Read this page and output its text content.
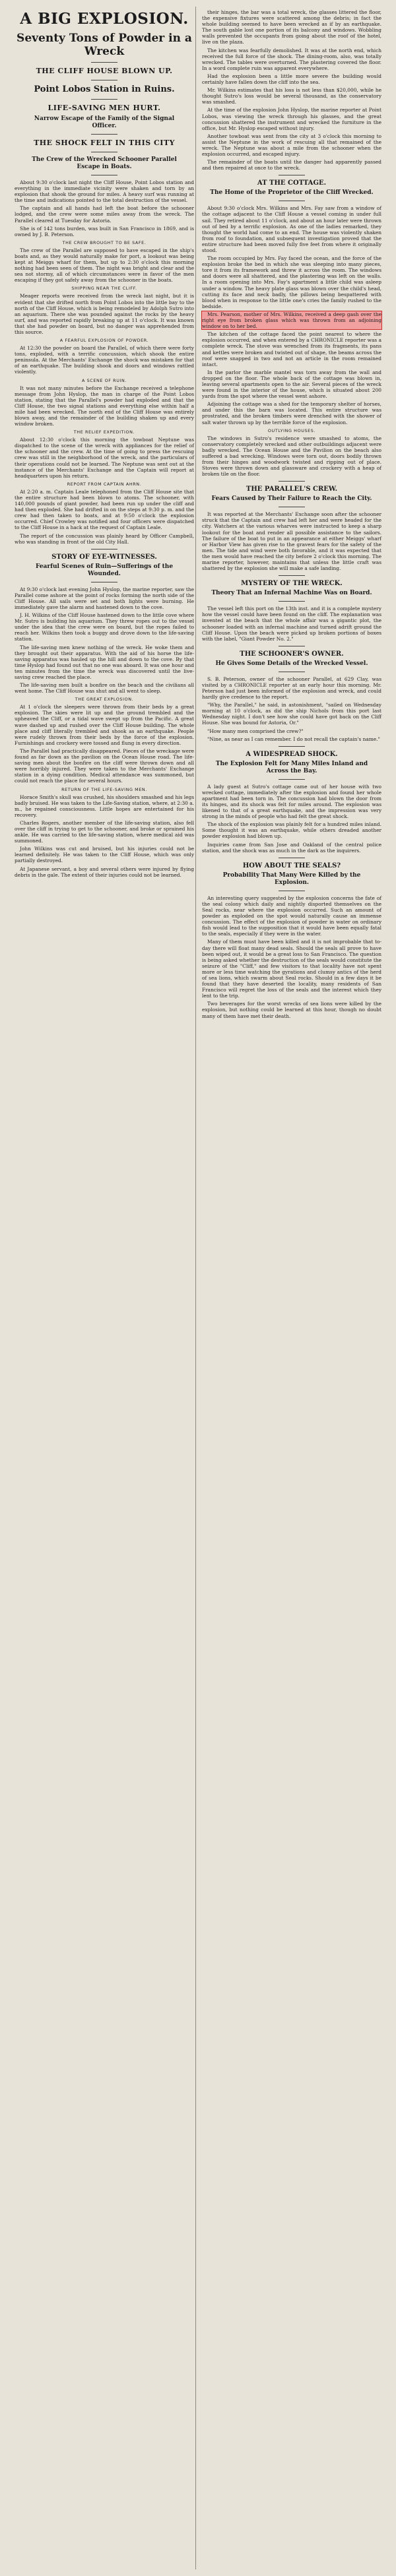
A BIG EXPLOSION.
Seventy Tons of Powder in a Wreck
THE CLIFF HOUSE BLOWN UP.
Point Lobos Station in Ruins.
LIFE-SAVING MEN HURT.
Narrow Escape of the Family of the Signal Officer.
THE SHOCK FELT IN THIS CITY
The Crew of the Wrecked Schooner Parallel Escape in Boats.

About 9:30 o'clock last night the Cliff House, Point Lobos station and everything in the immediate vicinity were shaken and torn by an explosion that shook the ground for miles. A heavy surf was running at the time and indications pointed to the total destruction of the vessel.

The captain and all hands had left the boat before the schooner lodged, and the crew were some miles away from the wreck. The Parallel cleared at Tuesday for Astoria.

She is of 142 tons burden, was built in San Francisco in 1869, and is owned by J. B. Peterson.

THE CREW BROUGHT TO BE SAFE.

The crew of the Parallel are supposed to have escaped in the ship's boats and, as they would naturally make for port, a lookout was being kept at Meiggs wharf for them, but up to 2:30 o'clock this morning nothing had been seen of them. The night was bright and clear and the sea not stormy, all of which circumstances were in favor of the men escaping if they got safely away from the schooner in the boats.

SHIPPING NEAR THE CLIFF.

Meager reports were received from the wreck last night, but it is evident that she drifted north from Point Lobos into the little bay to the north of the Cliff House, which is being remodeled by Adolph Sutro into an aquarium. There she was pounded against the rocks by the heavy surf, and was reported rapidly breaking up at 11 o'clock. It was known that she had powder on board, but no danger was apprehended from this source.

A FEARFUL EXPLOSION OF POWDER.

At 12:30 the powder on board the Parallel, of which there were forty tons, exploded, with a terrific concussion, which shook the entire peninsula. At the Merchants' Exchange the shock was mistaken for that of an earthquake. The building shook and doors and windows rattled violently.

A SCENE OF RUIN.

It was not many minutes before the Exchange received a telephone message from John Hyslop, the man in charge of the Point Lobos station, stating that the Parallel's powder had exploded and that the Cliff House, the two signal stations and everything else within half a mile had been wrecked. The north end of the Cliff House was entirely blown away, and the remainder of the building shaken up and every window broken.

THE RELIEF EXPEDITION.

About 12:30 o'clock this morning the towboat Neptune was dispatched to the scene of the wreck with appliances for the relief of the schooner and the crew. At the time of going to press the rescuing crew was still in the neighborhood of the wreck, and the particulars of their operations could not be learned. The Neptune was sent out at the instance of the Merchants' Exchange and the Captain will report at headquarters upon his return.

REPORT FROM CAPTAIN AHRN.

At 2:20 a. m. Captain Leale telephoned from the Cliff House site that the entire structure had been blown to atoms. The schooner, with 140,000 pounds of giant powder, had been run up under the cliff and had then exploded. She had drifted in on the steps at 9:30 p. m. and the crew had then taken to boats, and at 9:50 o'clock the explosion occurred. Chief Crowley was notified and four officers were dispatched to the Cliff House in a hack at the request of Captain Leale.

The report of the concussion was plainly heard by Officer Campbell, who was standing in front of the old City Hall.

STORY OF EYE-WITNESSES.
Fearful Scenes of Ruin—Sufferings of the Wounded.

At 9:30 o'clock last evening John Hyslop, the marine reporter, saw the Parallel come ashore at the point of rocks forming the north side of the Cliff House. All sails were set and both lights were burning. He immediately gave the alarm and hastened down to the cove.

J. H. Wilkins of the Cliff House hastened down to the little cove where Mr. Sutro is building his aquarium. They threw ropes out to the vessel under the idea that the crew were on board, but the ropes failed to reach her. Wilkins then took a buggy and drove down to the life-saving station.

The life-saving men knew nothing of the wreck. He woke them and they brought out their apparatus. With the aid of his horse the life-saving apparatus was hauled up the hill and down to the cove. By that time Hyslop had found out that no one was aboard. It was one hour and ten minutes from the time the wreck was discovered until the live-saving crew reached the place.

The life-saving men built a bonfire on the beach and the civilians all went home. The Cliff House was shut and all went to sleep.

THE GREAT EXPLOSION.

At 1 o'clock the sleepers were thrown from their beds by a great explosion. The skies were lit up and the ground trembled and the upheaved the Cliff, or a tidal wave swept up from the Pacific. A great wave dashed up and rushed over the Cliff House building. The whole place and cliff literally trembled and shook as an earthquake. People were rudely thrown from their beds by the force of the explosion. Furnishings and crockery were tossed and flung in every direction.

The Parallel had practically disappeared. Pieces of the wreckage were found as far down as the pavilion on the Ocean House road. The life-saving men about the bonfire on the cliff were thrown down and all were horribly injured. They were taken to the Merchants' Exchange station in a dying condition. Medical attendance was summoned, but could not reach the place for several hours.

RETURN OF THE LIFE-SAVING MEN.

Horace Smith's skull was crushed, his shoulders smashed and his legs badly bruised. He was taken to the Life-Saving station, where, at 2:30 a. m., he regained consciousness. Little hopes are entertained for his recovery.

Charles Rogers, another member of the life-saving station, also fell over the cliff in trying to get to the schooner, and broke or sprained his ankle. He was carried to the life-saving station, where medical aid was summoned.

John Wilkins was cut and bruised, but his injuries could not be learned definitely. He was taken to the Cliff House, which was only partially destroyed.

At Japanese servant, a boy and several others were injured by flying debris in the gale. The extent of their injuries could not be learned.

their hinges, the bar was a total wreck, the glasses littered the floor, the expensive fixtures were scattered among the debris; in fact the whole building seemed to have been wrecked as if by an earthquake. The south gable lost one portion of its balcony and windows. Wobbling walls prevented the occupants from going about the roof of the hotel, live on the plaza.

The kitchen was fearfully demolished. It was at the north end, which received the full force of the shock. The dining-room, also, was totally wrecked. The tables were overturned. The plastering covered the floor. In a word complete ruin was apparent everywhere.

Had the explosion been a little more severe the building would certainly have fallen down the cliff into the sea.

Mr. Wilkins estimates that his loss is not less than $20,000, while he thought Sutro's loss would be several thousand, as the conservatory was smashed.

At the time of the explosion John Hyslop, the marine reporter at Point Lobos, was viewing the wreck through his glasses, and the great concussion shattered the instrument and wrecked the furniture in the office, but Mr. Hyslop escaped without injury.

Another towboat was sent from the city at 3 o'clock this morning to assist the Neptune in the work of rescuing all that remained of the wreck. The Neptune was about a mile from the schooner when the explosion occurred, and escaped injury.

The remainder of the boats until the danger had apparently passed and then repaired at once to the wreck.

AT THE COTTAGE.
The Home of the Proprietor of the Cliff Wrecked.

About 9:30 o'clock Mrs. Wilkins and Mrs. Fay saw from a window of the cottage adjacent to the Cliff House a vessel coming in under full sail. They retired about 11 o'clock, and about an hour later were thrown out of bed by a terrific explosion. As one of the ladies remarked, they thought the world had come to an end. The house was violently shaken from roof to foundation, and subsequent investigation proved that the entire structure had been moved fully five feet from where it originally stood.

The room occupied by Mrs. Fay faced the ocean, and the force of the explosion broke the bed in which she was sleeping into many pieces, tore it from its framework and threw it across the room. The windows and doors were all shattered, and the plastering was left on the walls. In a room opening into Mrs. Fay's apartment a little child was asleep under a window. The heavy plate glass was blown over the child's head, cutting its face and neck badly, the pillows being bespattered with blood when in response to the little one's cries the family rushed to the bedside.

Mrs. Pearson, mother of Mrs. Wilkins, received a deep gash over the right eye from broken glass which was thrown from an adjoining window on to her bed.

The kitchen of the cottage faced the point nearest to where the explosion occurred, and when entered by a CHRONICLE reporter was a complete wreck. The stove was wrenched from its fragments, its pans and kettles were broken and twisted out of shape, the beams across the roof were snapped in two and not an article in the room remained intact.

In the parlor the marble mantel was torn away from the wall and dropped on the floor. The whole back of the cottage was blown in, leaving several apartments open to the air. Several pieces of the wreck were found in the interior of the house, which is situated about 200 yards from the spot where the vessel went ashore.

Adjoining the cottage was a shed for the temporary shelter of horses, and under this the barn was located. This entire structure was prostrated, and the broken timbers were drenched with the shower of salt water thrown up by the terrible force of the explosion.

OUTLYING HOUSES.

The windows in Sutro's residence were smashed to atoms, the conservatory completely wrecked and other outbuildings adjacent were badly wrecked. The Ocean House and the Pavilion on the beach also suffered a bad wrecking. Windows were torn out, doors bodily thrown from their hinges and woodwork twisted and ripping out of place. Stoves were thrown down and glassware and crockery with a heap of broken tile on the floor.

THE PARALLEL'S CREW.
Fears Caused by Their Failure to Reach the City.

It was reported at the Merchants' Exchange soon after the schooner struck that the Captain and crew had left her and were headed for the city. Watchers at the various wharves were instructed to keep a sharp lookout for the boat and render all possible assistance to the sailors. The failure of the boat to put in an appearance at either Meiggs' wharf or Harbor View has given rise to the gravest fears for the safety of the men. The tide and wind were both favorable, and it was expected that the men would have reached the city before 2 o'clock this morning. The marine reporter, however, maintains that unless the little craft was shattered by the explosion she will make a safe landing.

MYSTERY OF THE WRECK.
Theory That an Infernal Machine Was on Board.

The vessel left this port on the 13th inst. and it is a complete mystery how the vessel could have been found on the cliff. The explanation was invented at the beach that the whole affair was a gigantic plot, the schooner loaded with an infernal machine and turned adrift ground the Cliff House. Upon the beach were picked up broken portions of boxes with the label, "Giant Powder No. 2."

THE SCHOONER'S OWNER.
He Gives Some Details of the Wrecked Vessel.

S. B. Peterson, owner of the schooner Parallel, at 629 Clay, was visited by a CHRONICLE reporter at an early hour this morning. Mr. Peterson had just been informed of the explosion and wreck, and could hardly give credence to the report.

"Why, the Parallel," he said, in astonishment, "sailed on Wednesday morning at 10 o'clock, as did the ship Nichols from this port last Wednesday night. I don't see how she could have got back on the Cliff House. She was bound for Astoria, Or."

"How many men comprised the crew?"

"Nine, as near as I can remember. I do not recall the captain's name."

A WIDESPREAD SHOCK.
The Explosion Felt for Many Miles Inland and Across the Bay.

A lady guest at Sutro's cottage came out of her house with two wrecked cottage, immediately after the explosion and found her whole apartment had been torn in. The concussion had blown the door from its hinges, and its shock was felt for miles around. The explosion was likened to that of a great earthquake, and the impression was very strong in the minds of people who had felt the great shock.

The shock of the explosion was plainly felt for a hundred miles inland. Some thought it was an earthquake, while others dreaded another powder explosion had blown up.

Inquiries came from San Jose and Oakland of the central police station, and the shock was as much in the dark as the inquirers.

HOW ABOUT THE SEALS?
Probability That Many Were Killed by the Explosion.

An interesting query suggested by the explosion concerns the fate of the seal colony which daily and nightly disported themselves on the Seal rocks, near where the explosion occurred. Such an amount of powder as exploded on the spot would naturally cause an immense concussion. The effect of the explosion of powder in water on ordinary fish would lead to the supposition that it would have been equally fatal to the seals, especially if they were in the water.

Many of them must have been killed and it is not improbable that to-day there will float many dead seals. Should the seals all prove to have been wiped out, it would be a great loss to San Francisco. The question is being asked whether the destruction of the seals would constitute the seizure of the "Cliff," and few visitors to that locality have not spent more or less time watching the gyrations and clumsy antics of the herd of sea lions, which swarm about Seal rocks. Should in a few days it be found that they have deserted the locality, many residents of San Francisco will regret the loss of the seals and the interest which they lent to the trip.

Two beverages for the worst wrecks of sea lions were killed by the explosion, but nothing could be learned at this hour, though no doubt many of them have met their death.
